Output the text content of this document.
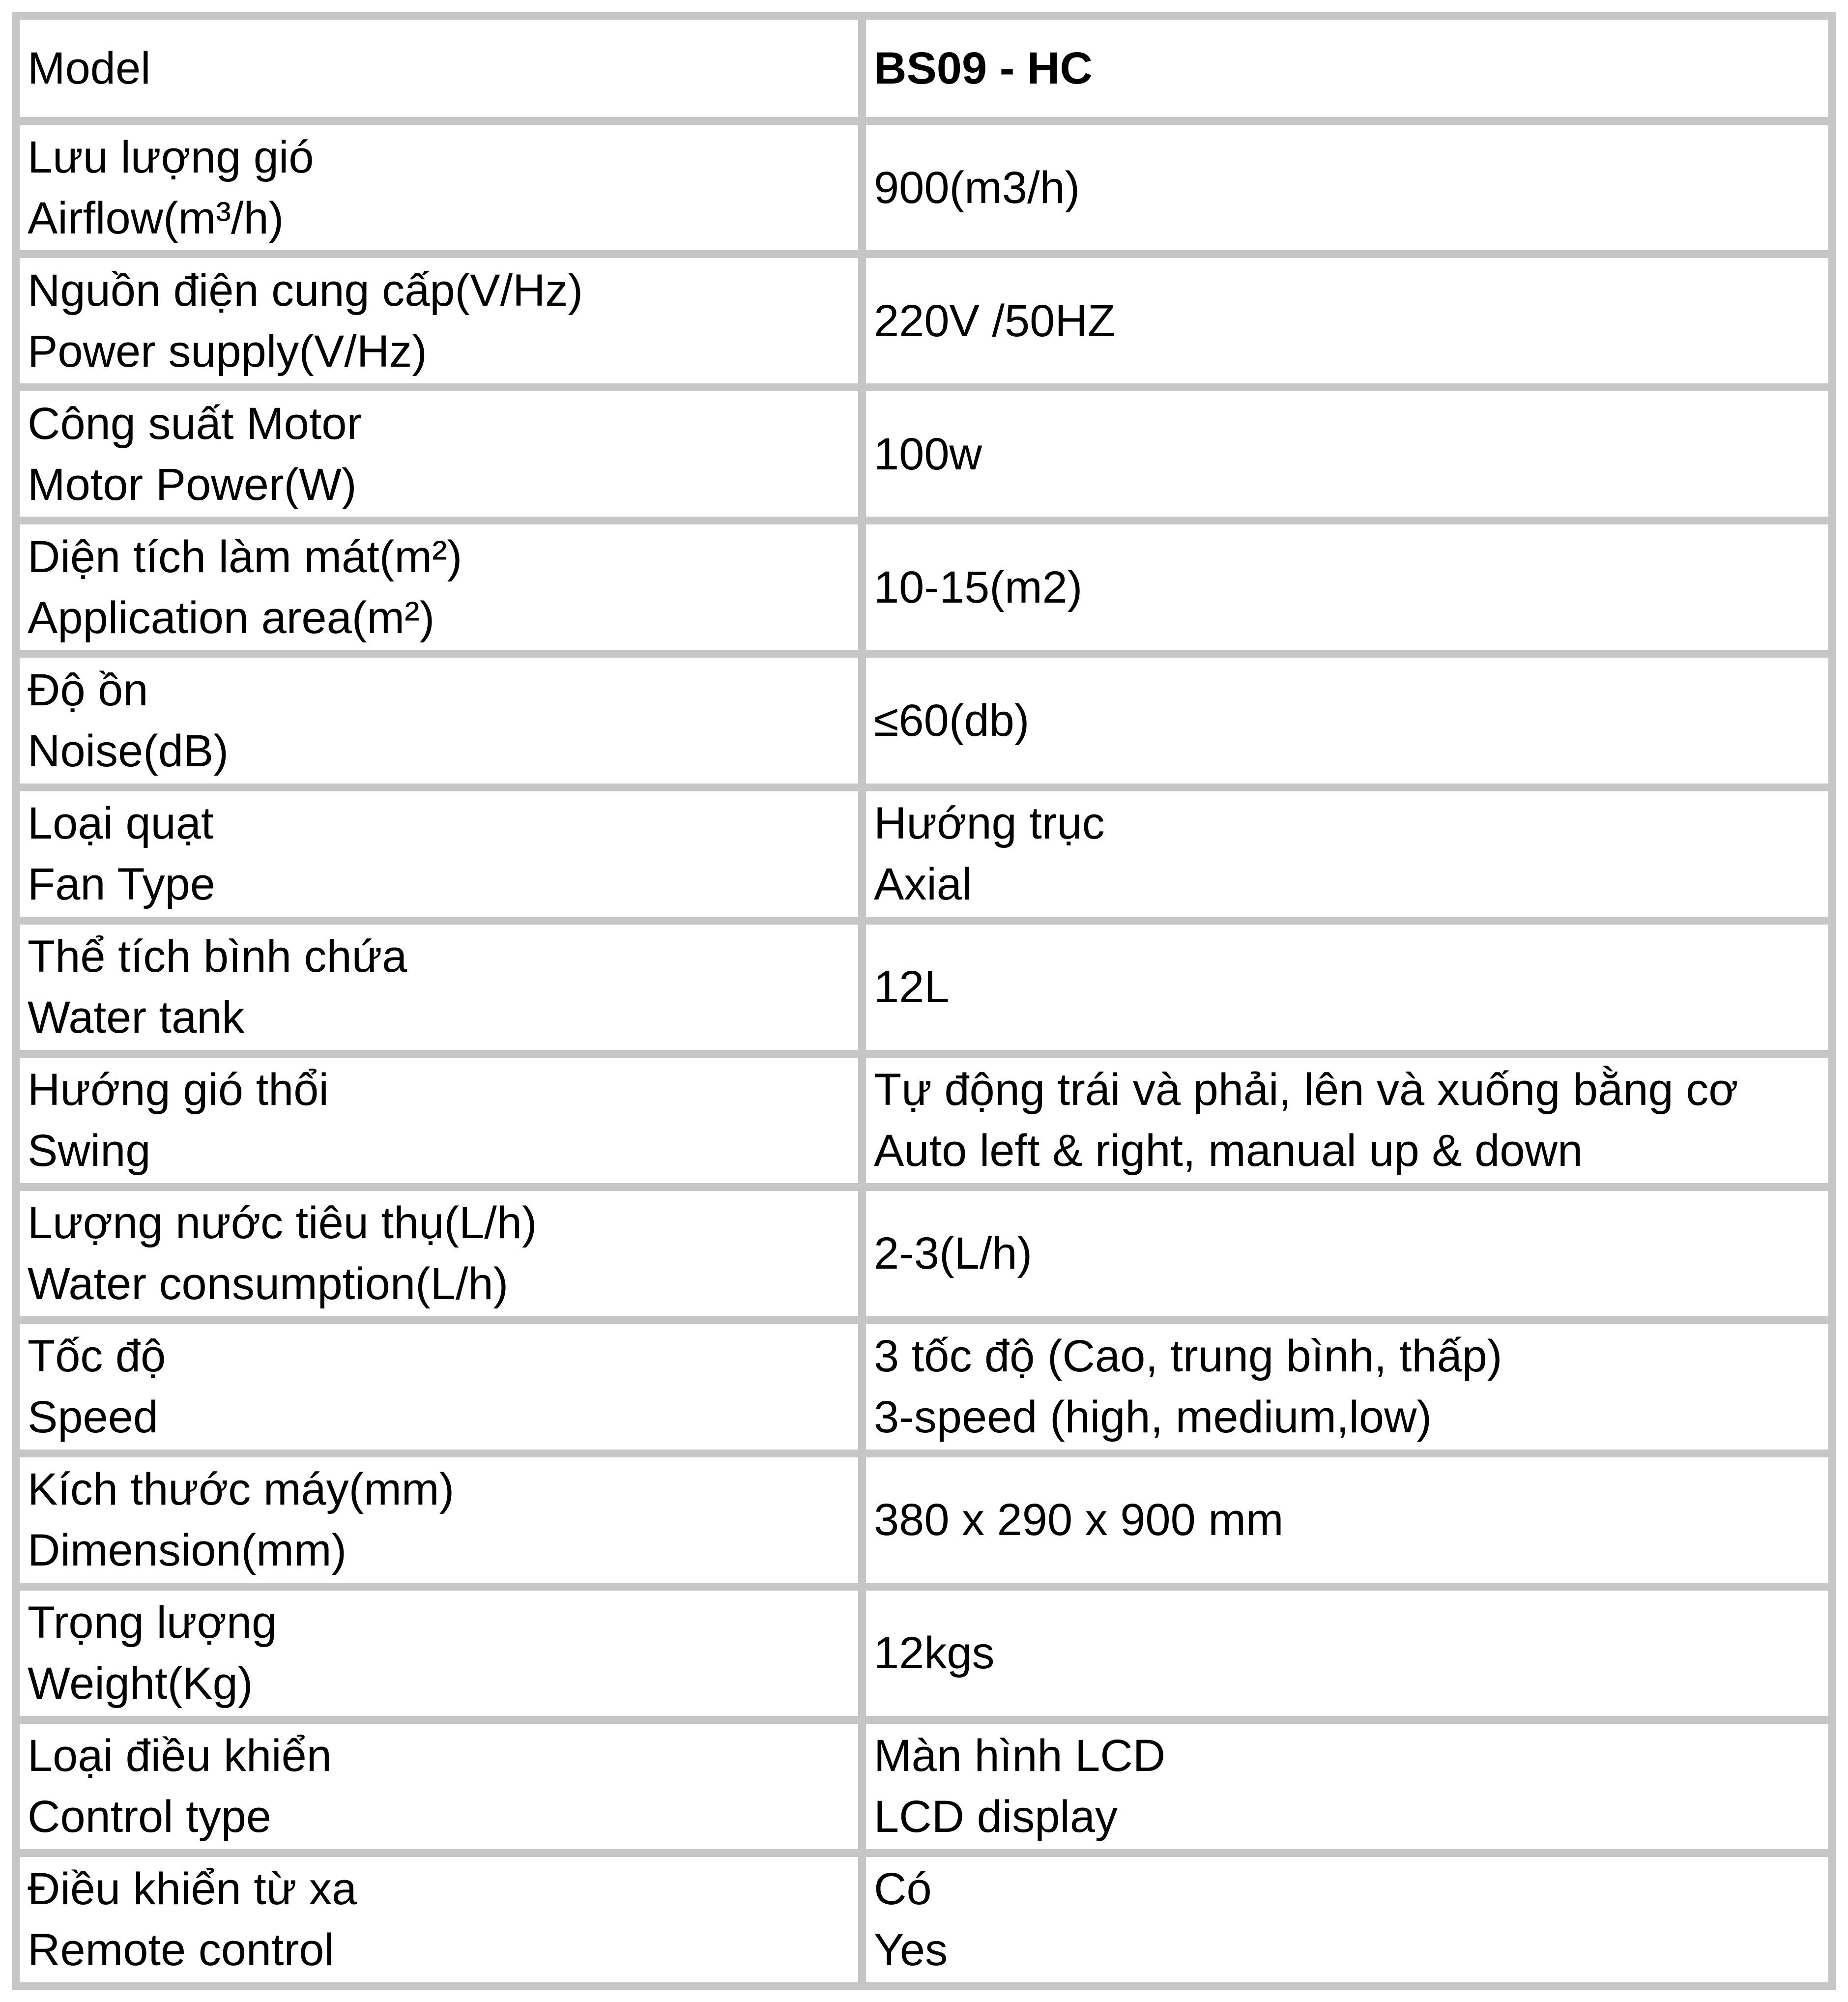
Model	BS09 - HC

Lưu lượng gió
Airflow(m³/h)	900(m3/h)

Nguồn điện cung cấp(V/Hz)
Power supply(V/Hz)	220V /50HZ

Công suất Motor
Motor Power(W)	100w

Diện tích làm mát(m²)
Application area(m²)	10-15(m2)

Độ ồn
Noise(dB)	≤60(db)

Loại quạt
Fan Type	Hướng trục
Axial

Thể tích bình chứa
Water tank	12L

Hướng gió thổi
Swing	Tự động trái và phải, lên và xuống bằng cơ
Auto left & right, manual up & down

Lượng nước tiêu thụ(L/h)
Water consumption(L/h)	2-3(L/h)

Tốc độ
Speed	3 tốc độ (Cao, trung bình, thấp)
3-speed (high, medium,low)

Kích thước máy(mm)
Dimension(mm)	380 x 290 x 900 mm

Trọng lượng
Weight(Kg)	12kgs

Loại điều khiển
Control type	Màn hình LCD
LCD display

Điều khiển từ xa
Remote control	Có
Yes
